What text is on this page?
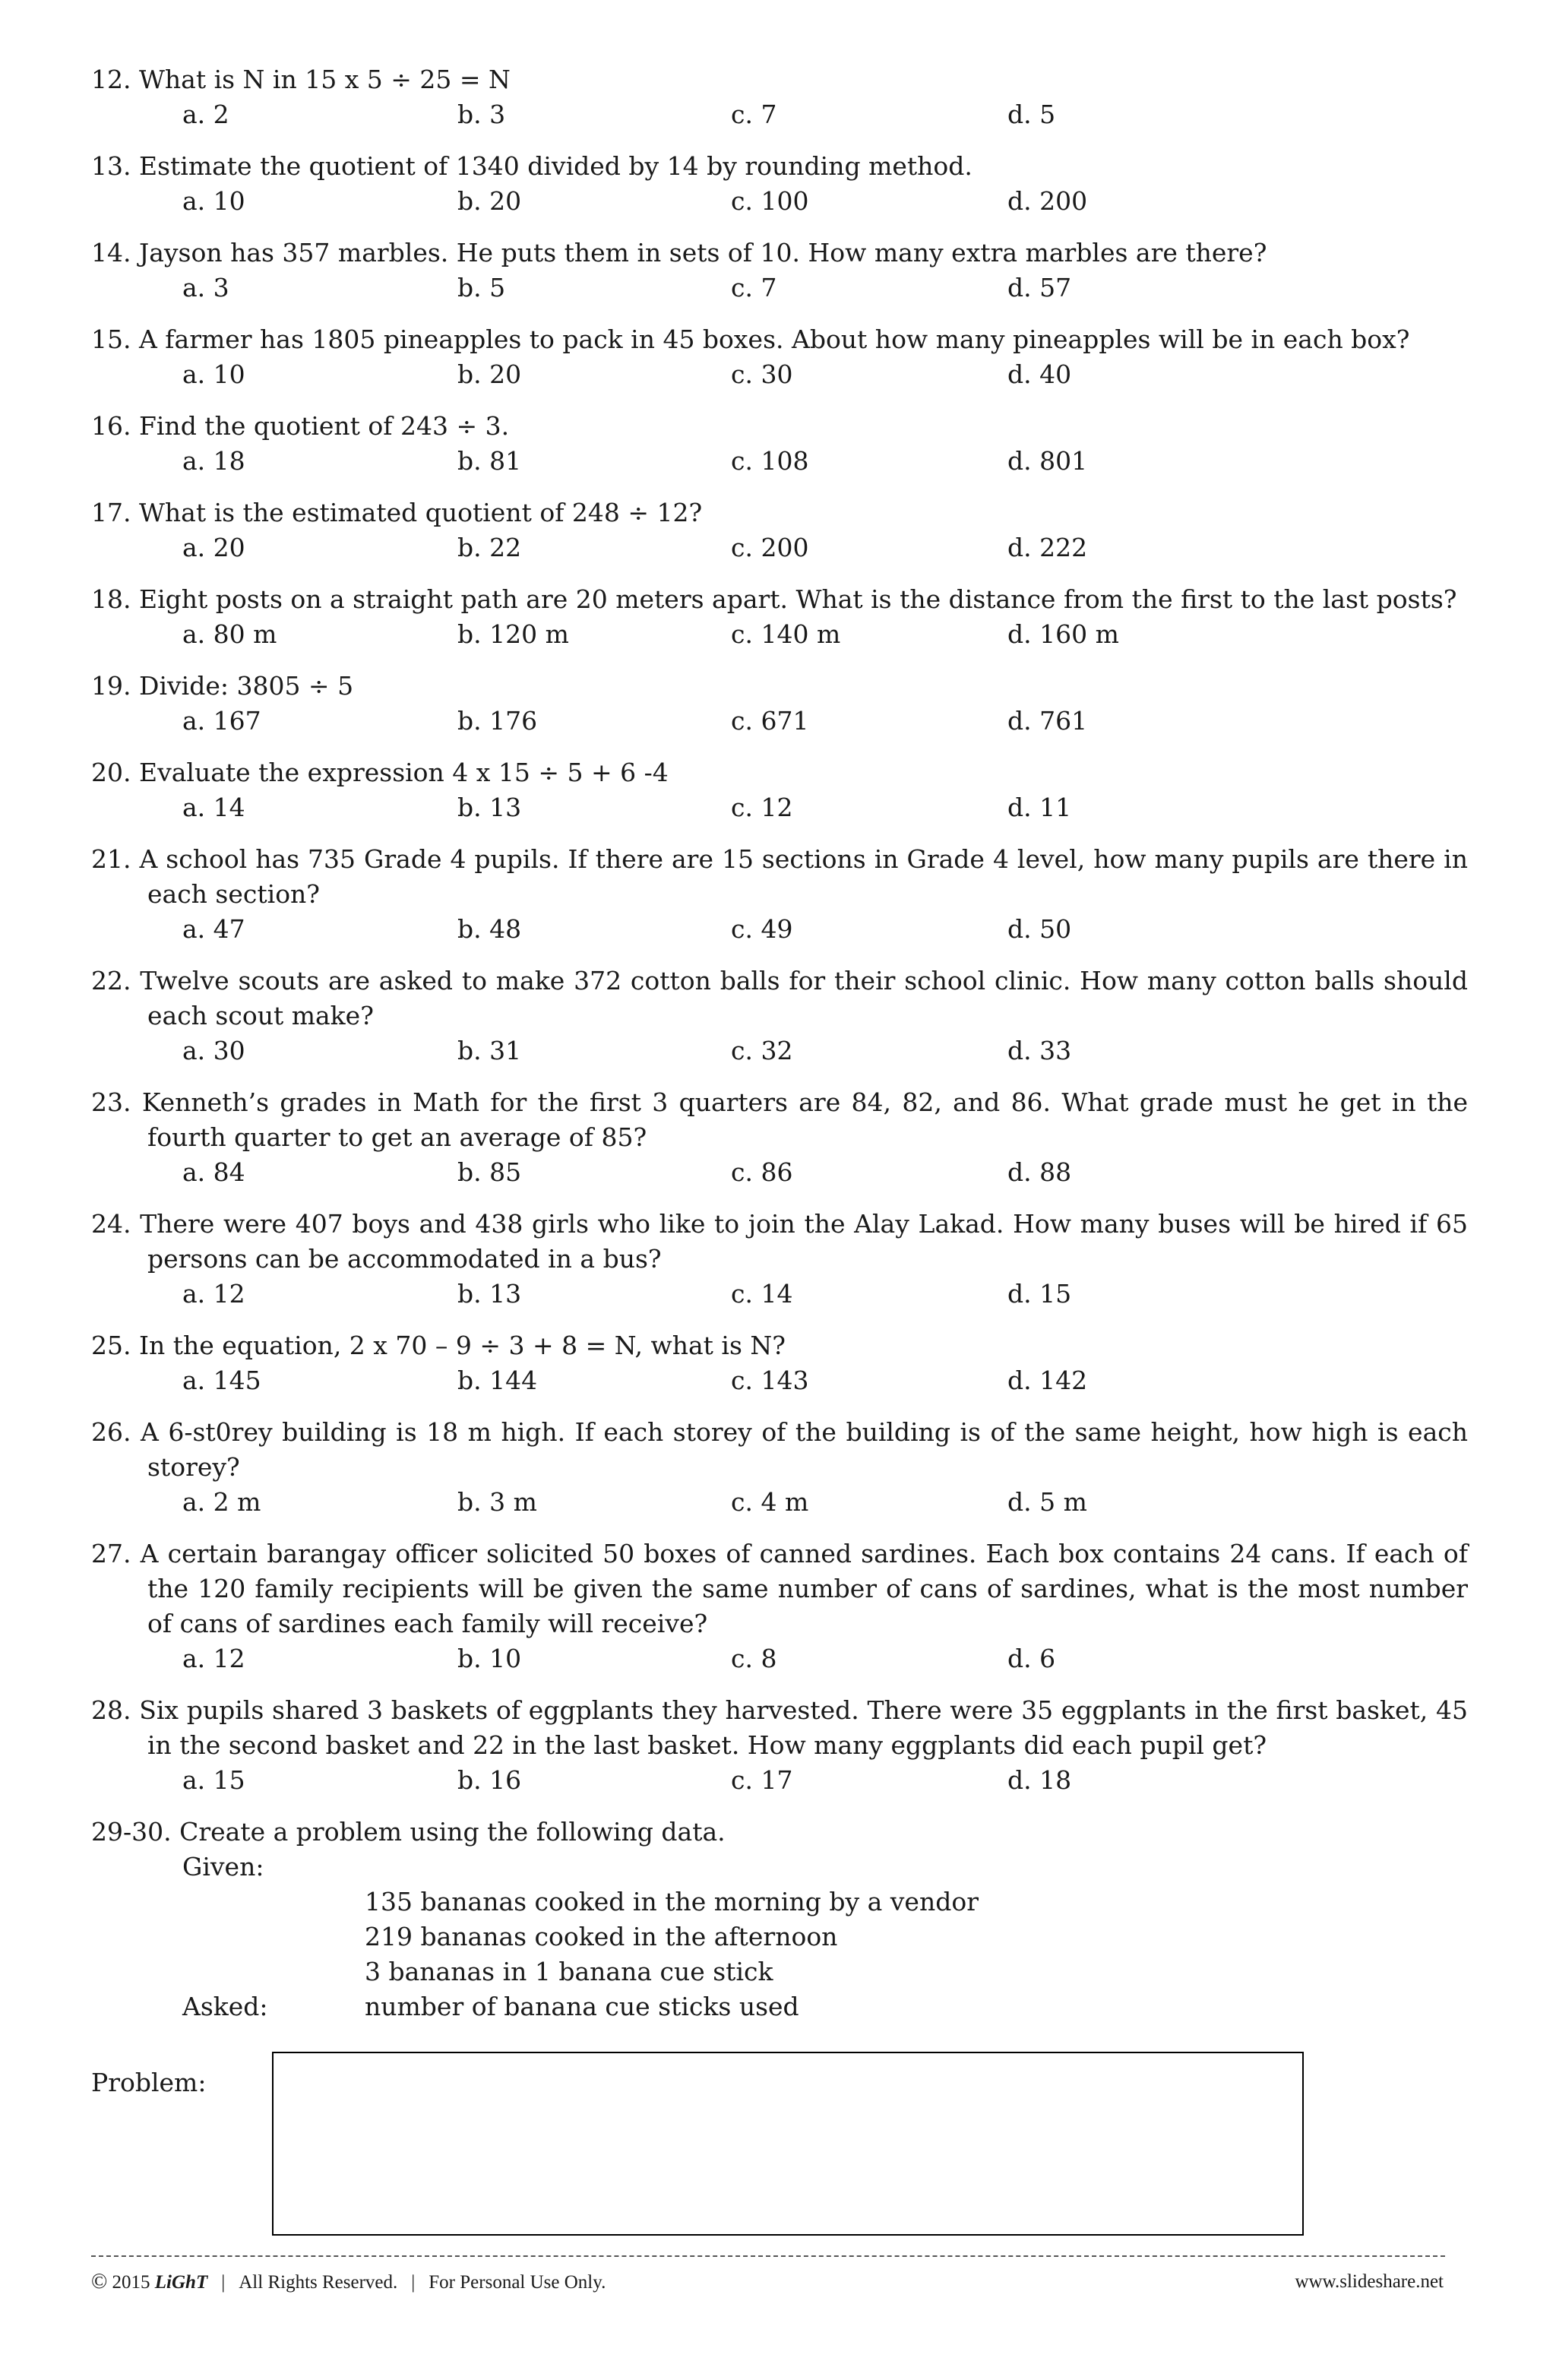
12. What is N in 15 x 5 ÷ 25 = N
a. 2	b. 3	c. 7	d. 5
13. Estimate the quotient of 1340 divided by 14 by rounding method.
a. 10	b. 20	c. 100	d. 200
14. Jayson has 357 marbles. He puts them in sets of 10. How many extra marbles are there?
a. 3	b. 5	c. 7	d. 57
15. A farmer has 1805 pineapples to pack in 45 boxes. About how many pineapples will be in each box?
a. 10	b. 20	c. 30	d. 40
16. Find the quotient of 243 ÷ 3.
a. 18	b. 81	c. 108	d. 801
17. What is the estimated quotient of 248 ÷ 12?
a. 20	b. 22	c. 200	d. 222
18. Eight posts on a straight path are 20 meters apart. What is the distance from the first to the last posts?
a. 80 m	b. 120 m	c. 140 m	d. 160 m
19. Divide: 3805 ÷ 5
a. 167	b. 176	c. 671	d. 761
20. Evaluate the expression 4 x 15 ÷ 5 + 6 -4
a. 14	b. 13	c. 12	d. 11
21. A school has 735 Grade 4 pupils. If there are 15 sections in Grade 4 level, how many pupils are there in each section?
a. 47	b. 48	c. 49	d. 50
22. Twelve scouts are asked to make 372 cotton balls for their school clinic. How many cotton balls should each scout make?
a. 30	b. 31	c. 32	d. 33
23. Kenneth’s grades in Math for the first 3 quarters are 84, 82, and 86. What grade must he get in the fourth quarter to get an average of 85?
a. 84	b. 85	c. 86	d. 88
24. There were 407 boys and 438 girls who like to join the Alay Lakad. How many buses will be hired if 65 persons can be accommodated in a bus?
a. 12	b. 13	c. 14	d. 15
25. In the equation, 2 x 70 – 9 ÷ 3 + 8 = N, what is N?
a. 145	b. 144	c. 143	d. 142
26. A 6-st0rey building is 18 m high. If each storey of the building is of the same height, how high is each storey?
a. 2 m	b. 3 m	c. 4 m	d. 5 m
27. A certain barangay officer solicited 50 boxes of canned sardines. Each box contains 24 cans. If each of the 120 family recipients will be given the same number of cans of sardines, what is the most number of cans of sardines each family will receive?
a. 12	b. 10	c. 8	d. 6
28. Six pupils shared 3 baskets of eggplants they harvested. There were 35 eggplants in the first basket, 45 in the second basket and 22 in the last basket. How many eggplants did each pupil get?
a. 15	b. 16	c. 17	d. 18
29-30. Create a problem using the following data.
Given:
135 bananas cooked in the morning by a vendor
219 bananas cooked in the afternoon
3 bananas in 1 banana cue stick
Asked:	number of banana cue sticks used
Problem:
© 2015 LiGhT | All Rights Reserved. | For Personal Use Only.	www.slideshare.net
